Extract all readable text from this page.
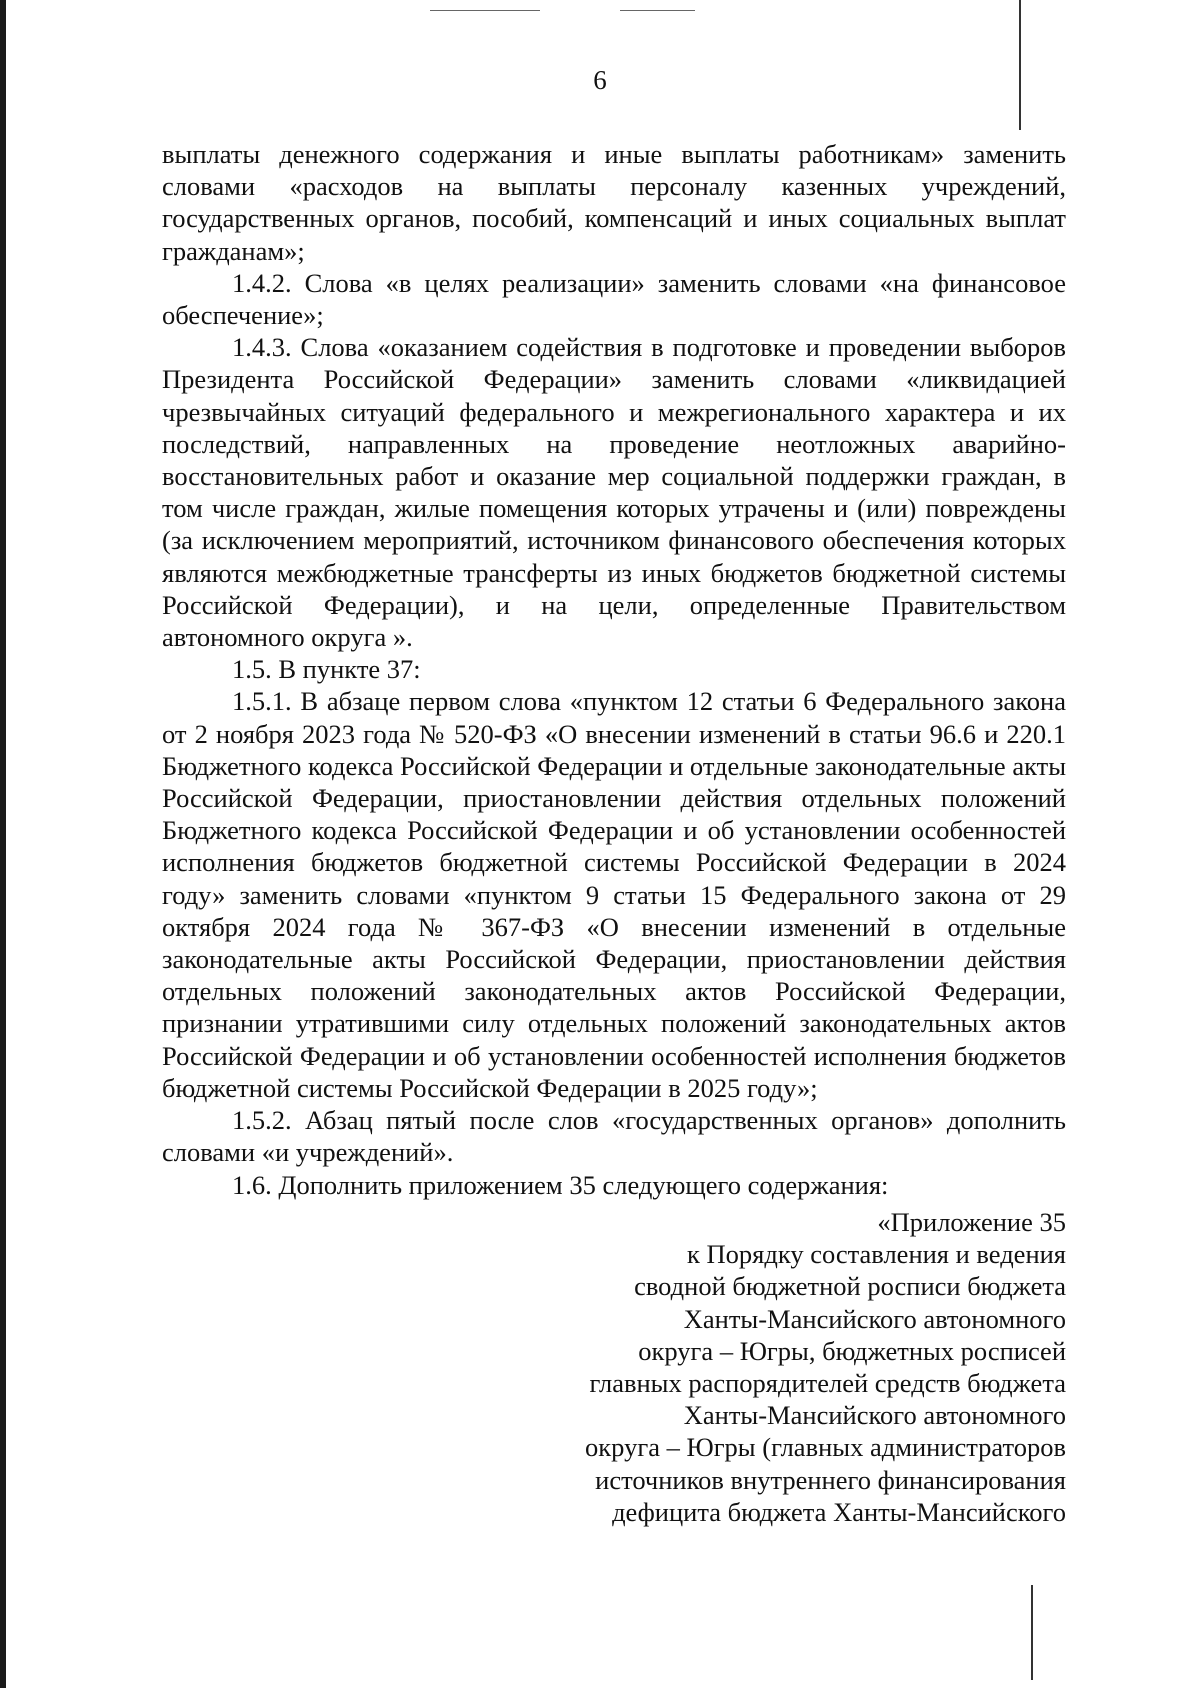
6

выплаты денежного содержания и иные выплаты работникам» заменить словами «расходов на выплаты персоналу казенных учреждений, государственных органов, пособий, компенсаций и иных социальных выплат гражданам»;

1.4.2. Слова «в целях реализации» заменить словами «на финансовое обеспечение»;

1.4.3. Слова «оказанием содействия в подготовке и проведении выборов Президента Российской Федерации» заменить словами «ликвидацией чрезвычайных ситуаций федерального и межрегионального характера и их последствий, направленных на проведение неотложных аварийно-восстановительных работ и оказание мер социальной поддержки граждан, в том числе граждан, жилые помещения которых утрачены и (или) повреждены (за исключением мероприятий, источником финансового обеспечения которых являются межбюджетные трансферты из иных бюджетов бюджетной системы Российской Федерации), и на цели, определенные Правительством автономного округа ».

1.5. В пункте 37:

1.5.1. В абзаце первом слова «пунктом 12 статьи 6 Федерального закона от 2 ноября 2023 года № 520-ФЗ «О внесении изменений в статьи 96.6 и 220.1 Бюджетного кодекса Российской Федерации и отдельные законодательные акты Российской Федерации, приостановлении действия отдельных положений Бюджетного кодекса Российской Федерации и об установлении особенностей исполнения бюджетов бюджетной системы Российской Федерации в 2024 году» заменить словами «пунктом 9 статьи 15 Федерального закона от 29 октября 2024 года № 367-ФЗ «О внесении изменений в отдельные законодательные акты Российской Федерации, приостановлении действия отдельных положений законодательных актов Российской Федерации, признании утратившими силу отдельных положений законодательных актов Российской Федерации и об установлении особенностей исполнения бюджетов бюджетной системы Российской Федерации в 2025 году»;

1.5.2. Абзац пятый после слов «государственных органов» дополнить словами «и учреждений».

1.6. Дополнить приложением 35 следующего содержания:

«Приложение 35
к Порядку составления и ведения
сводной бюджетной росписи бюджета
Ханты-Мансийского автономного
округа – Югры, бюджетных росписей
главных распорядителей средств бюджета
Ханты-Мансийского автономного
округа – Югры (главных администраторов
источников внутреннего финансирования
дефицита бюджета Ханты-Мансийского
